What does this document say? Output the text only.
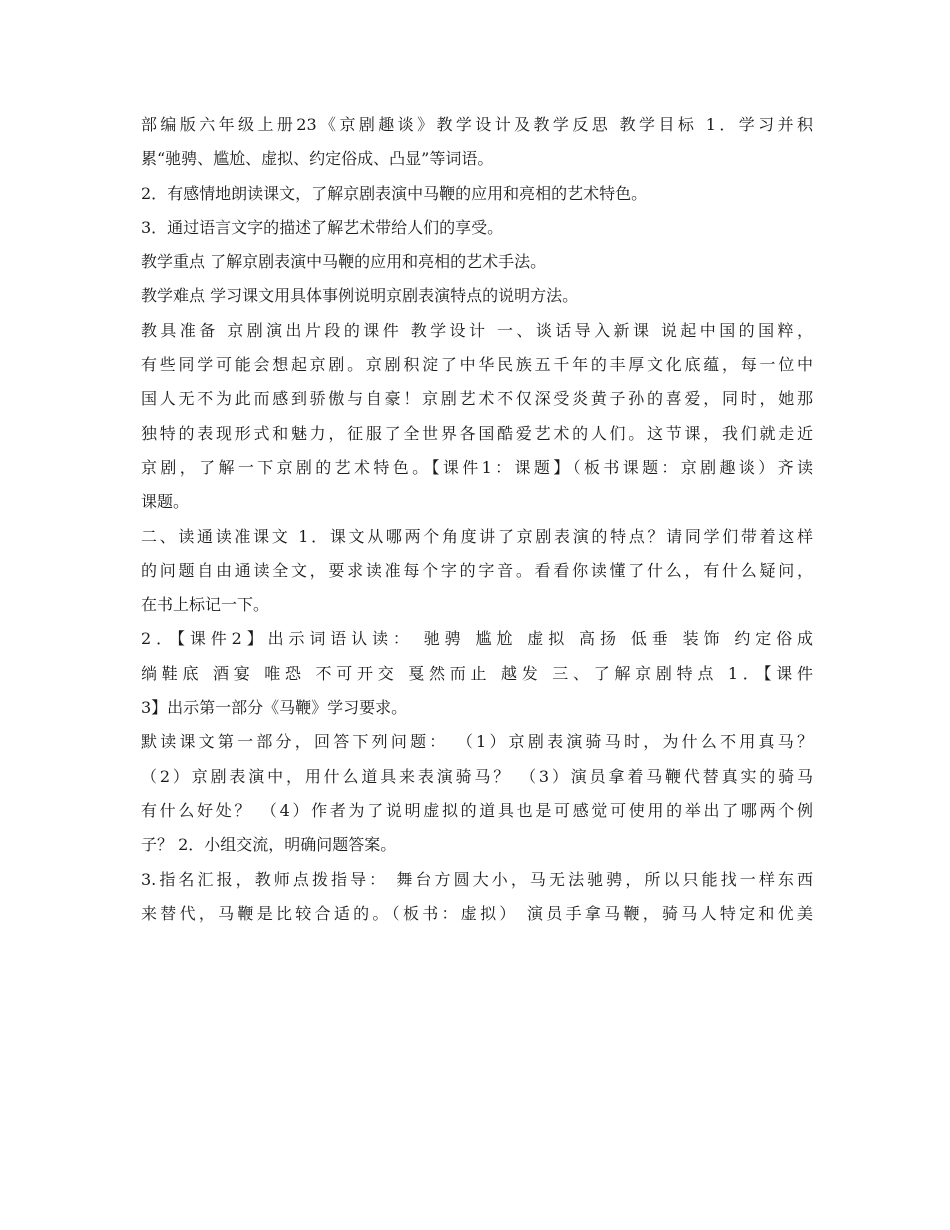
部编版六年级上册23《京剧趣谈》教学设计及教学反思 教学目标 1．学习并积
累“驰骋、尴尬、虚拟、约定俗成、凸显”等词语。
2．有感情地朗读课文，了解京剧表演中马鞭的应用和亮相的艺术特色。
3．通过语言文字的描述了解艺术带给人们的享受。
教学重点 了解京剧表演中马鞭的应用和亮相的艺术手法。
教学难点 学习课文用具体事例说明京剧表演特点的说明方法。
教具准备 京剧演出片段的课件 教学设计 一、谈话导入新课 说起中国的国粹，
有些同学可能会想起京剧。京剧积淀了中华民族五千年的丰厚文化底蕴，每一位中
国人无不为此而感到骄傲与自豪！京剧艺术不仅深受炎黄子孙的喜爱，同时，她那
独特的表现形式和魅力，征服了全世界各国酷爱艺术的人们。这节课，我们就走近
京剧，了解一下京剧的艺术特色。【课件1：课题】（板书课题：京剧趣谈）齐读
课题。
二、读通读准课文 1．课文从哪两个角度讲了京剧表演的特点？请同学们带着这样
的问题自由通读全文，要求读准每个字的字音。看看你读懂了什么，有什么疑问，
在书上标记一下。
2．【课件2】出示词语认读： 驰骋 尴尬 虚拟 高扬 低垂 装饰 约定俗成
绱鞋底 酒宴 唯恐 不可开交 戛然而止 越发 三、了解京剧特点 1．【课件
3】出示第一部分《马鞭》学习要求。
默读课文第一部分，回答下列问题： （1）京剧表演骑马时，为什么不用真马？
（2）京剧表演中，用什么道具来表演骑马？ （3）演员拿着马鞭代替真实的骑马
有什么好处？ （4）作者为了说明虚拟的道具也是可感觉可使用的举出了哪两个例
子？ 2．小组交流，明确问题答案。
3.指名汇报，教师点拨指导： 舞台方圆大小，马无法驰骋，所以只能找一样东西
来替代，马鞭是比较合适的。（板书：虚拟） 演员手拿马鞭，骑马人特定和优美
